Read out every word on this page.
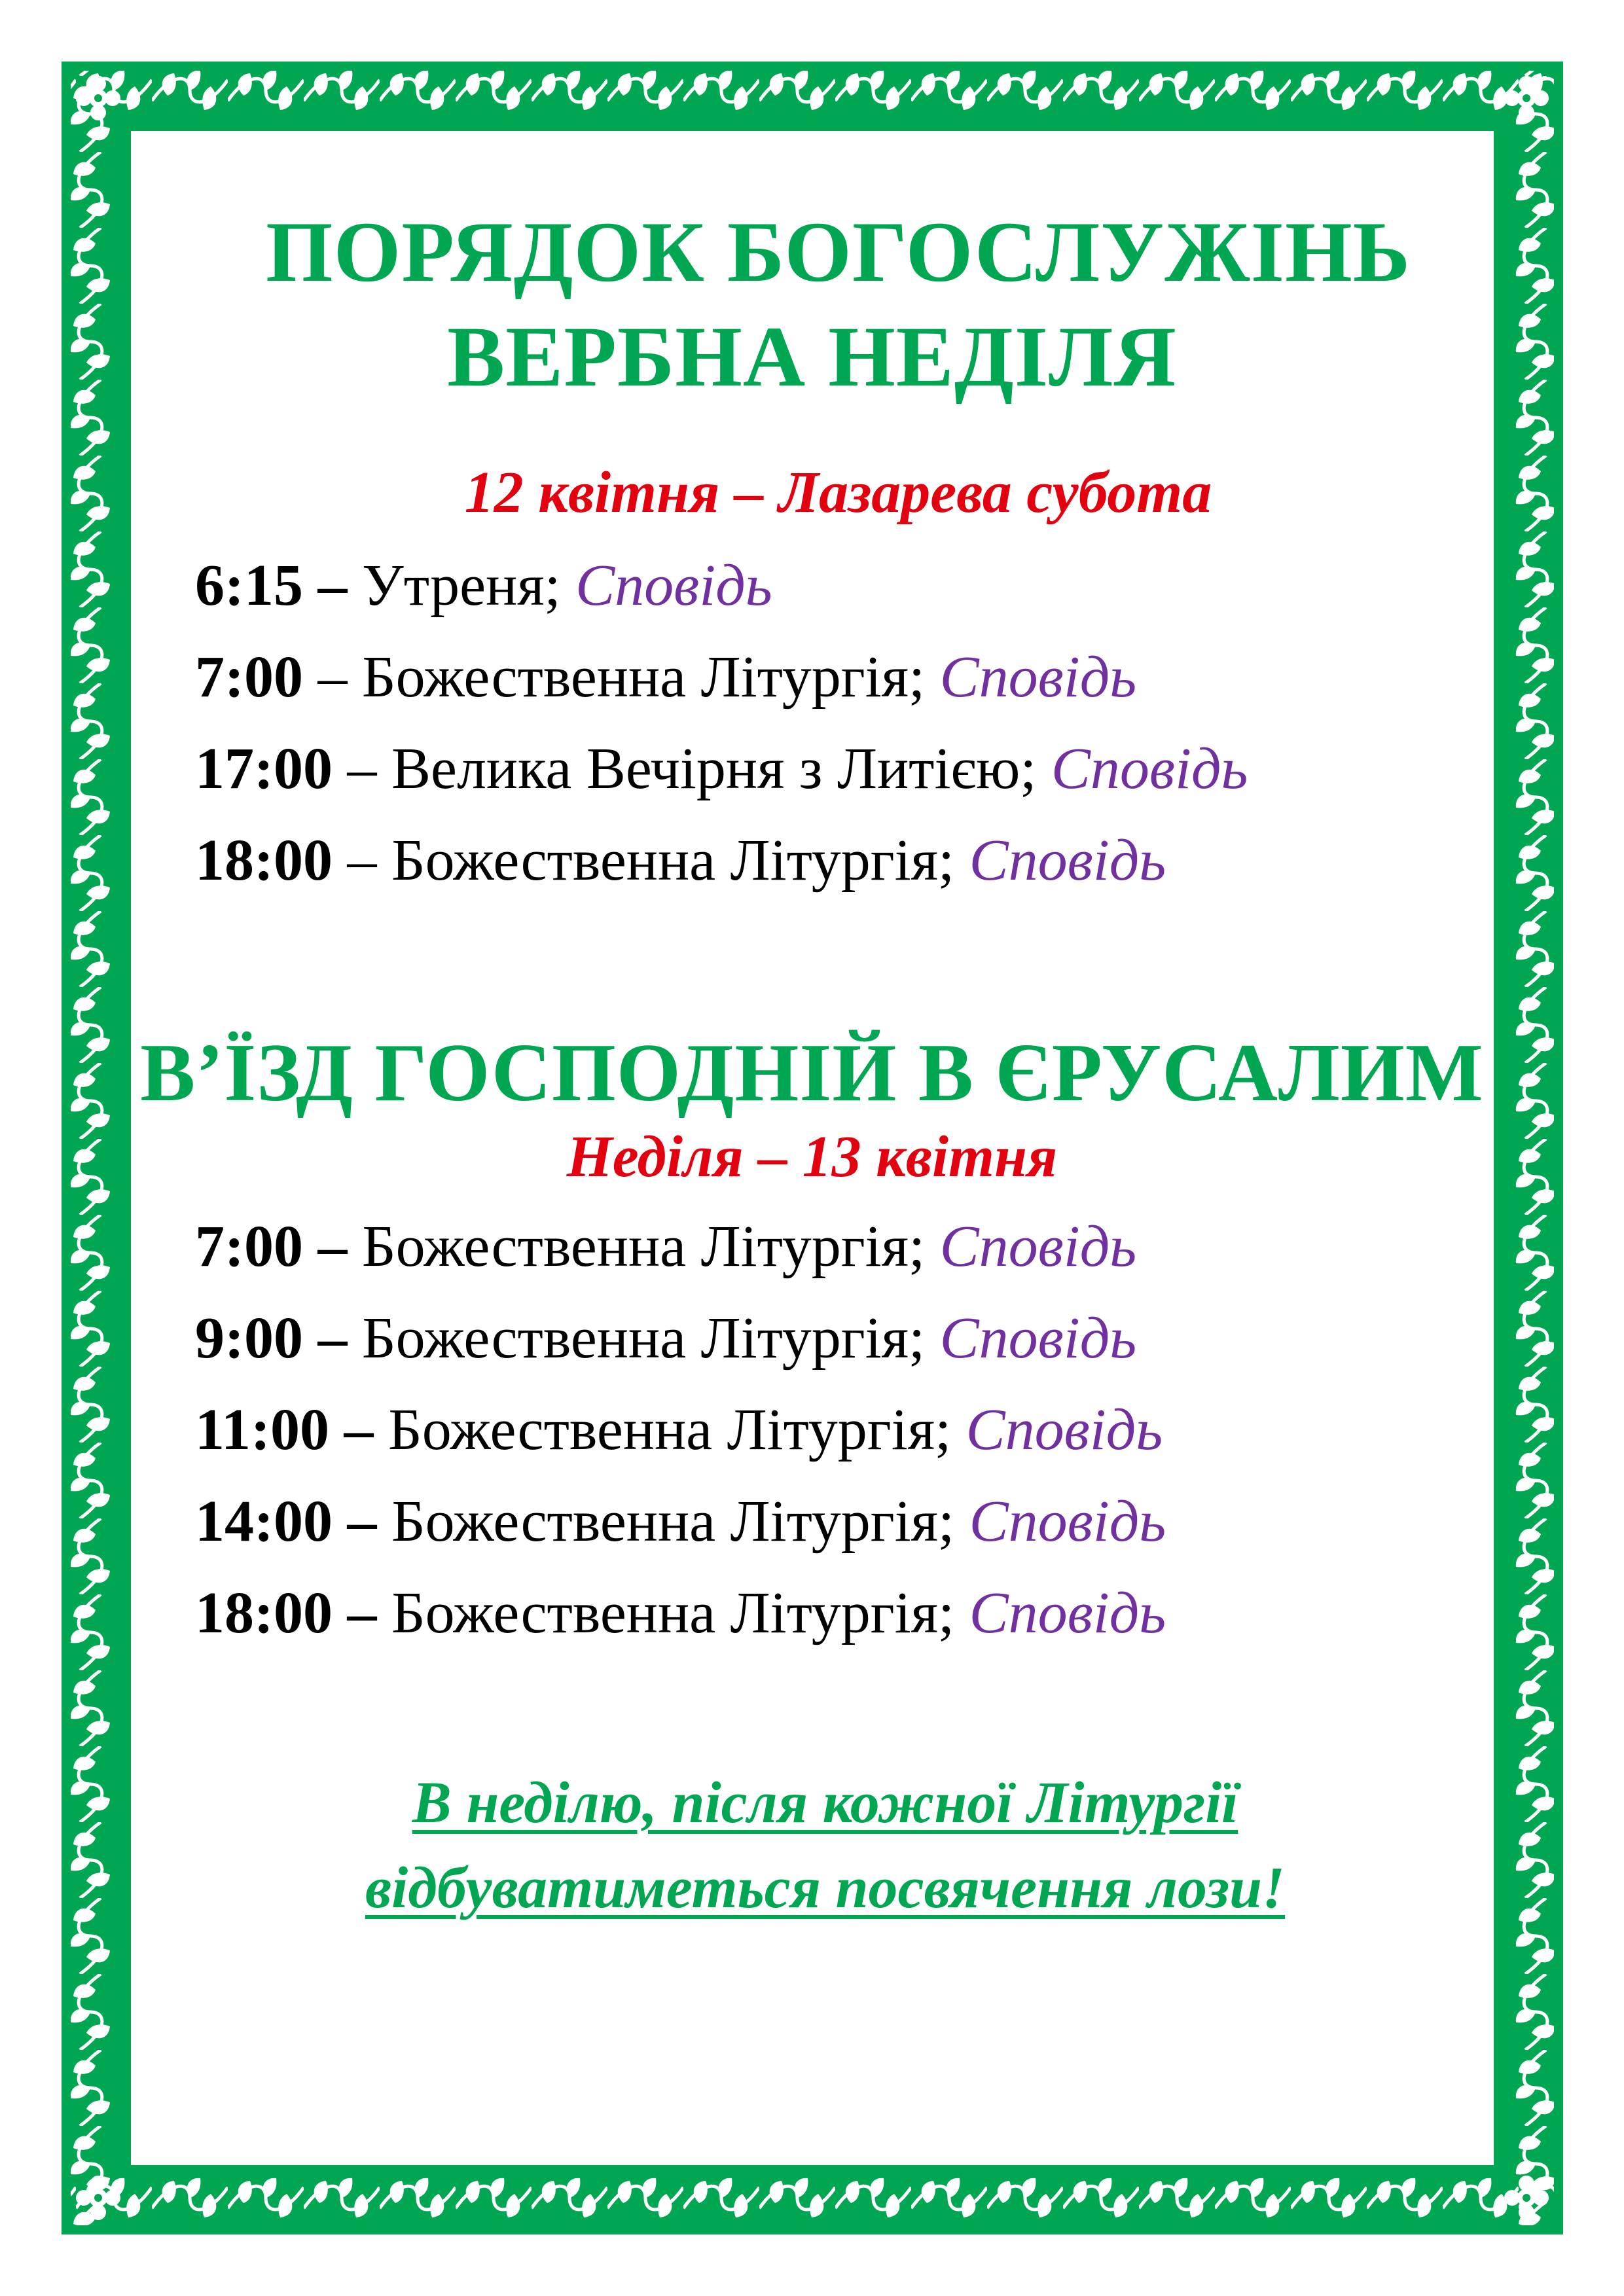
ПОРЯДОК БОГОСЛУЖІНЬ
ВЕРБНА НЕДІЛЯ
12 квітня – Лазарева субота
6:15 – Утреня; Сповідь
7:00 – Божественна Літургія; Сповідь
17:00 – Велика Вечірня з Литією; Сповідь
18:00 – Божественна Літургія; Сповідь
В’ЇЗД ГОСПОДНІЙ В ЄРУСАЛИМ
Неділя – 13 квітня
7:00 – Божественна Літургія; Сповідь
9:00 – Божественна Літургія; Сповідь
11:00 – Божественна Літургія; Сповідь
14:00 – Божественна Літургія; Сповідь
18:00 – Божественна Літургія; Сповідь
В неділю, після кожної Літургії
відбуватиметься посвячення лози!
